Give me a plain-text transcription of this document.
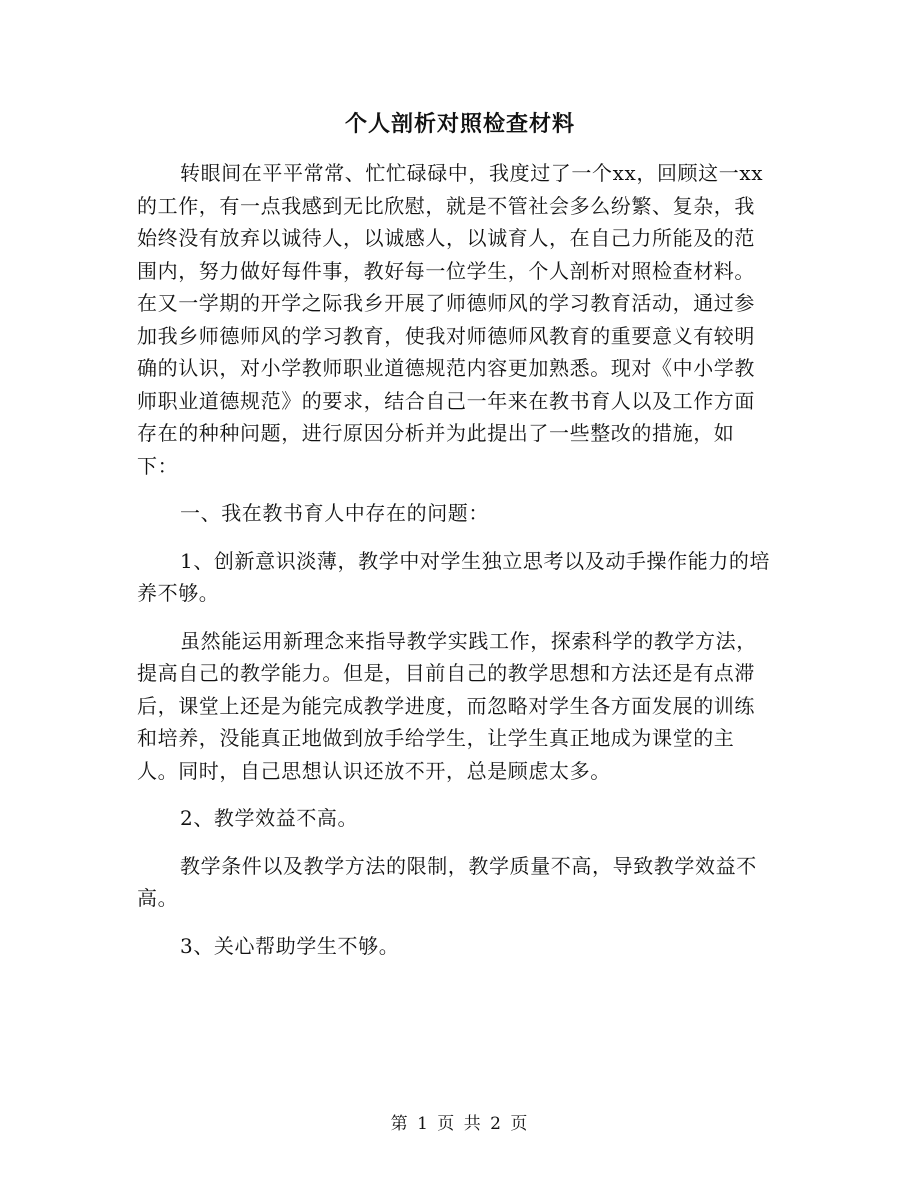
个人剖析对照检查材料
转眼间在平平常常、忙忙碌碌中，我度过了一个xx，回顾这一xx
的工作，有一点我感到无比欣慰，就是不管社会多么纷繁、复杂，我
始终没有放弃以诚待人，以诚感人，以诚育人，在自己力所能及的范
围内，努力做好每件事，教好每一位学生，个人剖析对照检查材料。
在又一学期的开学之际我乡开展了师德师风的学习教育活动，通过参
加我乡师德师风的学习教育，使我对师德师风教育的重要意义有较明
确的认识，对小学教师职业道德规范内容更加熟悉。现对《中小学教
师职业道德规范》的要求，结合自己一年来在教书育人以及工作方面
存在的种种问题，进行原因分析并为此提出了一些整改的措施，如
下：
一、我在教书育人中存在的问题：
1、创新意识淡薄，教学中对学生独立思考以及动手操作能力的培
养不够。
虽然能运用新理念来指导教学实践工作，探索科学的教学方法，
提高自己的教学能力。但是，目前自己的教学思想和方法还是有点滞
后，课堂上还是为能完成教学进度，而忽略对学生各方面发展的训练
和培养，没能真正地做到放手给学生，让学生真正地成为课堂的主
人。同时，自己思想认识还放不开，总是顾虑太多。
2、教学效益不高。
教学条件以及教学方法的限制，教学质量不高，导致教学效益不
高。
3、关心帮助学生不够。
第 1 页 共 2 页
